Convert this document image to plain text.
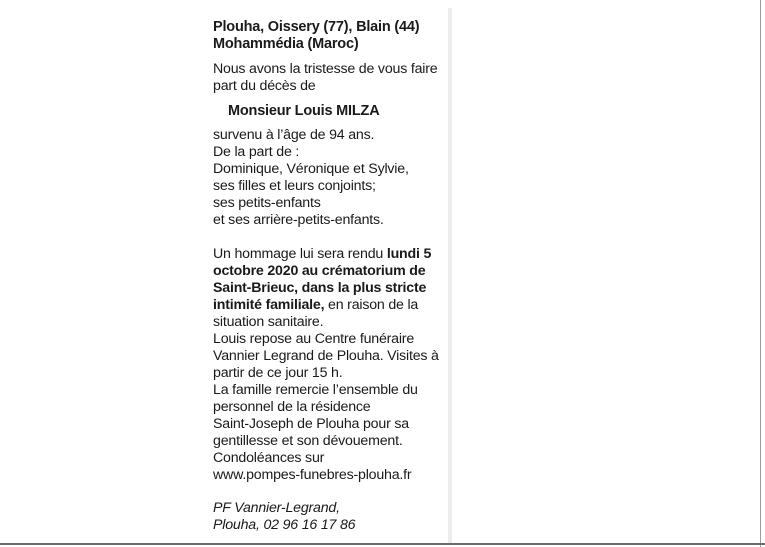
Plouha, Oissery (77), Blain (44)

Mohammédia (Maroc)

Nous avons la tristesse de vous faire

part du décès de

Monsieur Louis MILZA

survenu à l’âge de 94 ans.

De la part de :

Dominique, Véronique et Sylvie,

ses filles et leurs conjoints;

ses petits-enfants

et ses arrière-petits-enfants.

Un hommage lui sera rendu lundi 5 octobre 2020 au crématorium de Saint-Brieuc, dans la plus stricte intimité familiale, en raison de la situation sanitaire.

Louis repose au Centre funéraire

Vannier Legrand de Plouha. Visites à

partir de ce jour 15 h.

La famille remercie l’ensemble du

personnel de la résidence

Saint-Joseph de Plouha pour sa

gentillesse et son dévouement.

Condoléances sur

www.pompes-funebres-plouha.fr

PF Vannier-Legrand,

Plouha, 02 96 16 17 86
